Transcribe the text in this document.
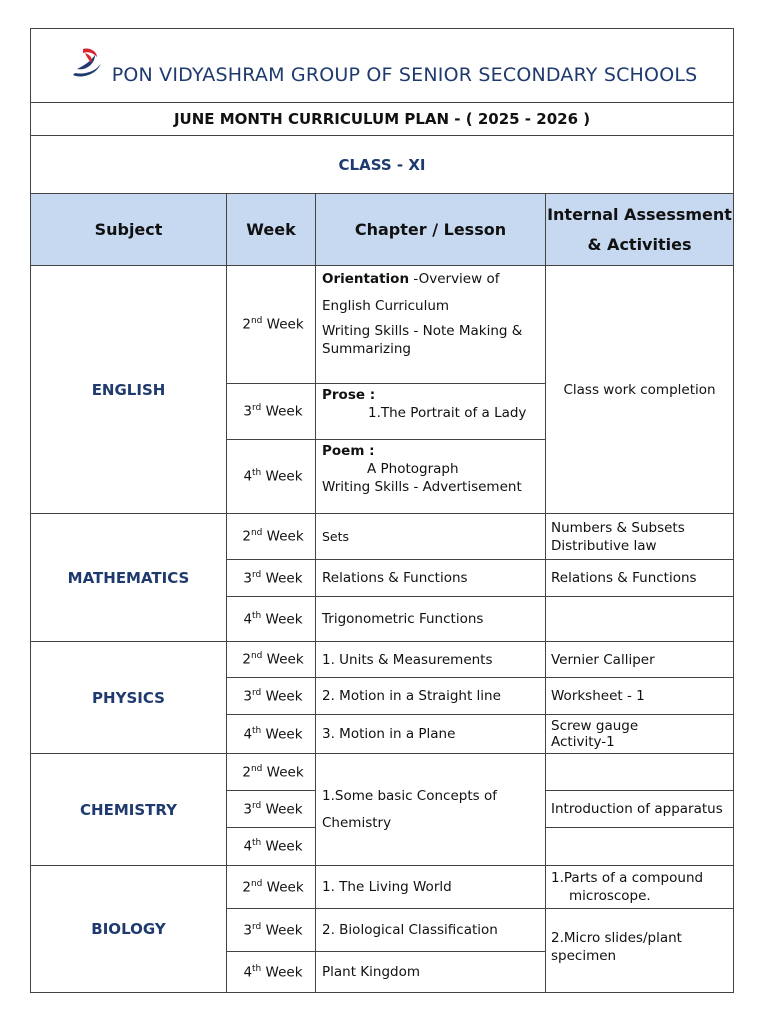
PON VIDYASHRAM GROUP OF SENIOR SECONDARY SCHOOLS			
JUNE MONTH CURRICULUM PLAN - ( 2025 - 2026 )			
CLASS - XI			
Subject	Week	Chapter / Lesson	Internal Assessment & Activities
ENGLISH	2nd Week	Orientation -Overview of
English Curriculum
Writing Skills - Note Making & Summarizing	Class work completion
	3rd Week	Prose :
1.The Portrait of a Lady	

	4th Week	Poem :
A Photograph
Writing Skills - Advertisement	

MATHEMATICS	2nd Week	Sets	Numbers & Subsets
Distributive law

	3rd Week	Relations & Functions	Relations & Functions
	4th Week	Trigonometric Functions	
PHYSICS	2nd Week	1. Units & Measurements	Vernier Calliper
	3rd Week	2. Motion in a Straight line	Worksheet - 1
	4th Week	3. Motion in a Plane	Screw gauge
Activity-1

CHEMISTRY	2nd Week	1.Some basic Concepts of
Chemistry	

	3rd Week		Introduction of apparatus
	4th Week		
BIOLOGY	2nd Week	1. The Living World	1.Parts of a compound
microscope.

	3rd Week	2. Biological Classification	2.Micro slides/plant
specimen

	4th Week	Plant Kingdom	
